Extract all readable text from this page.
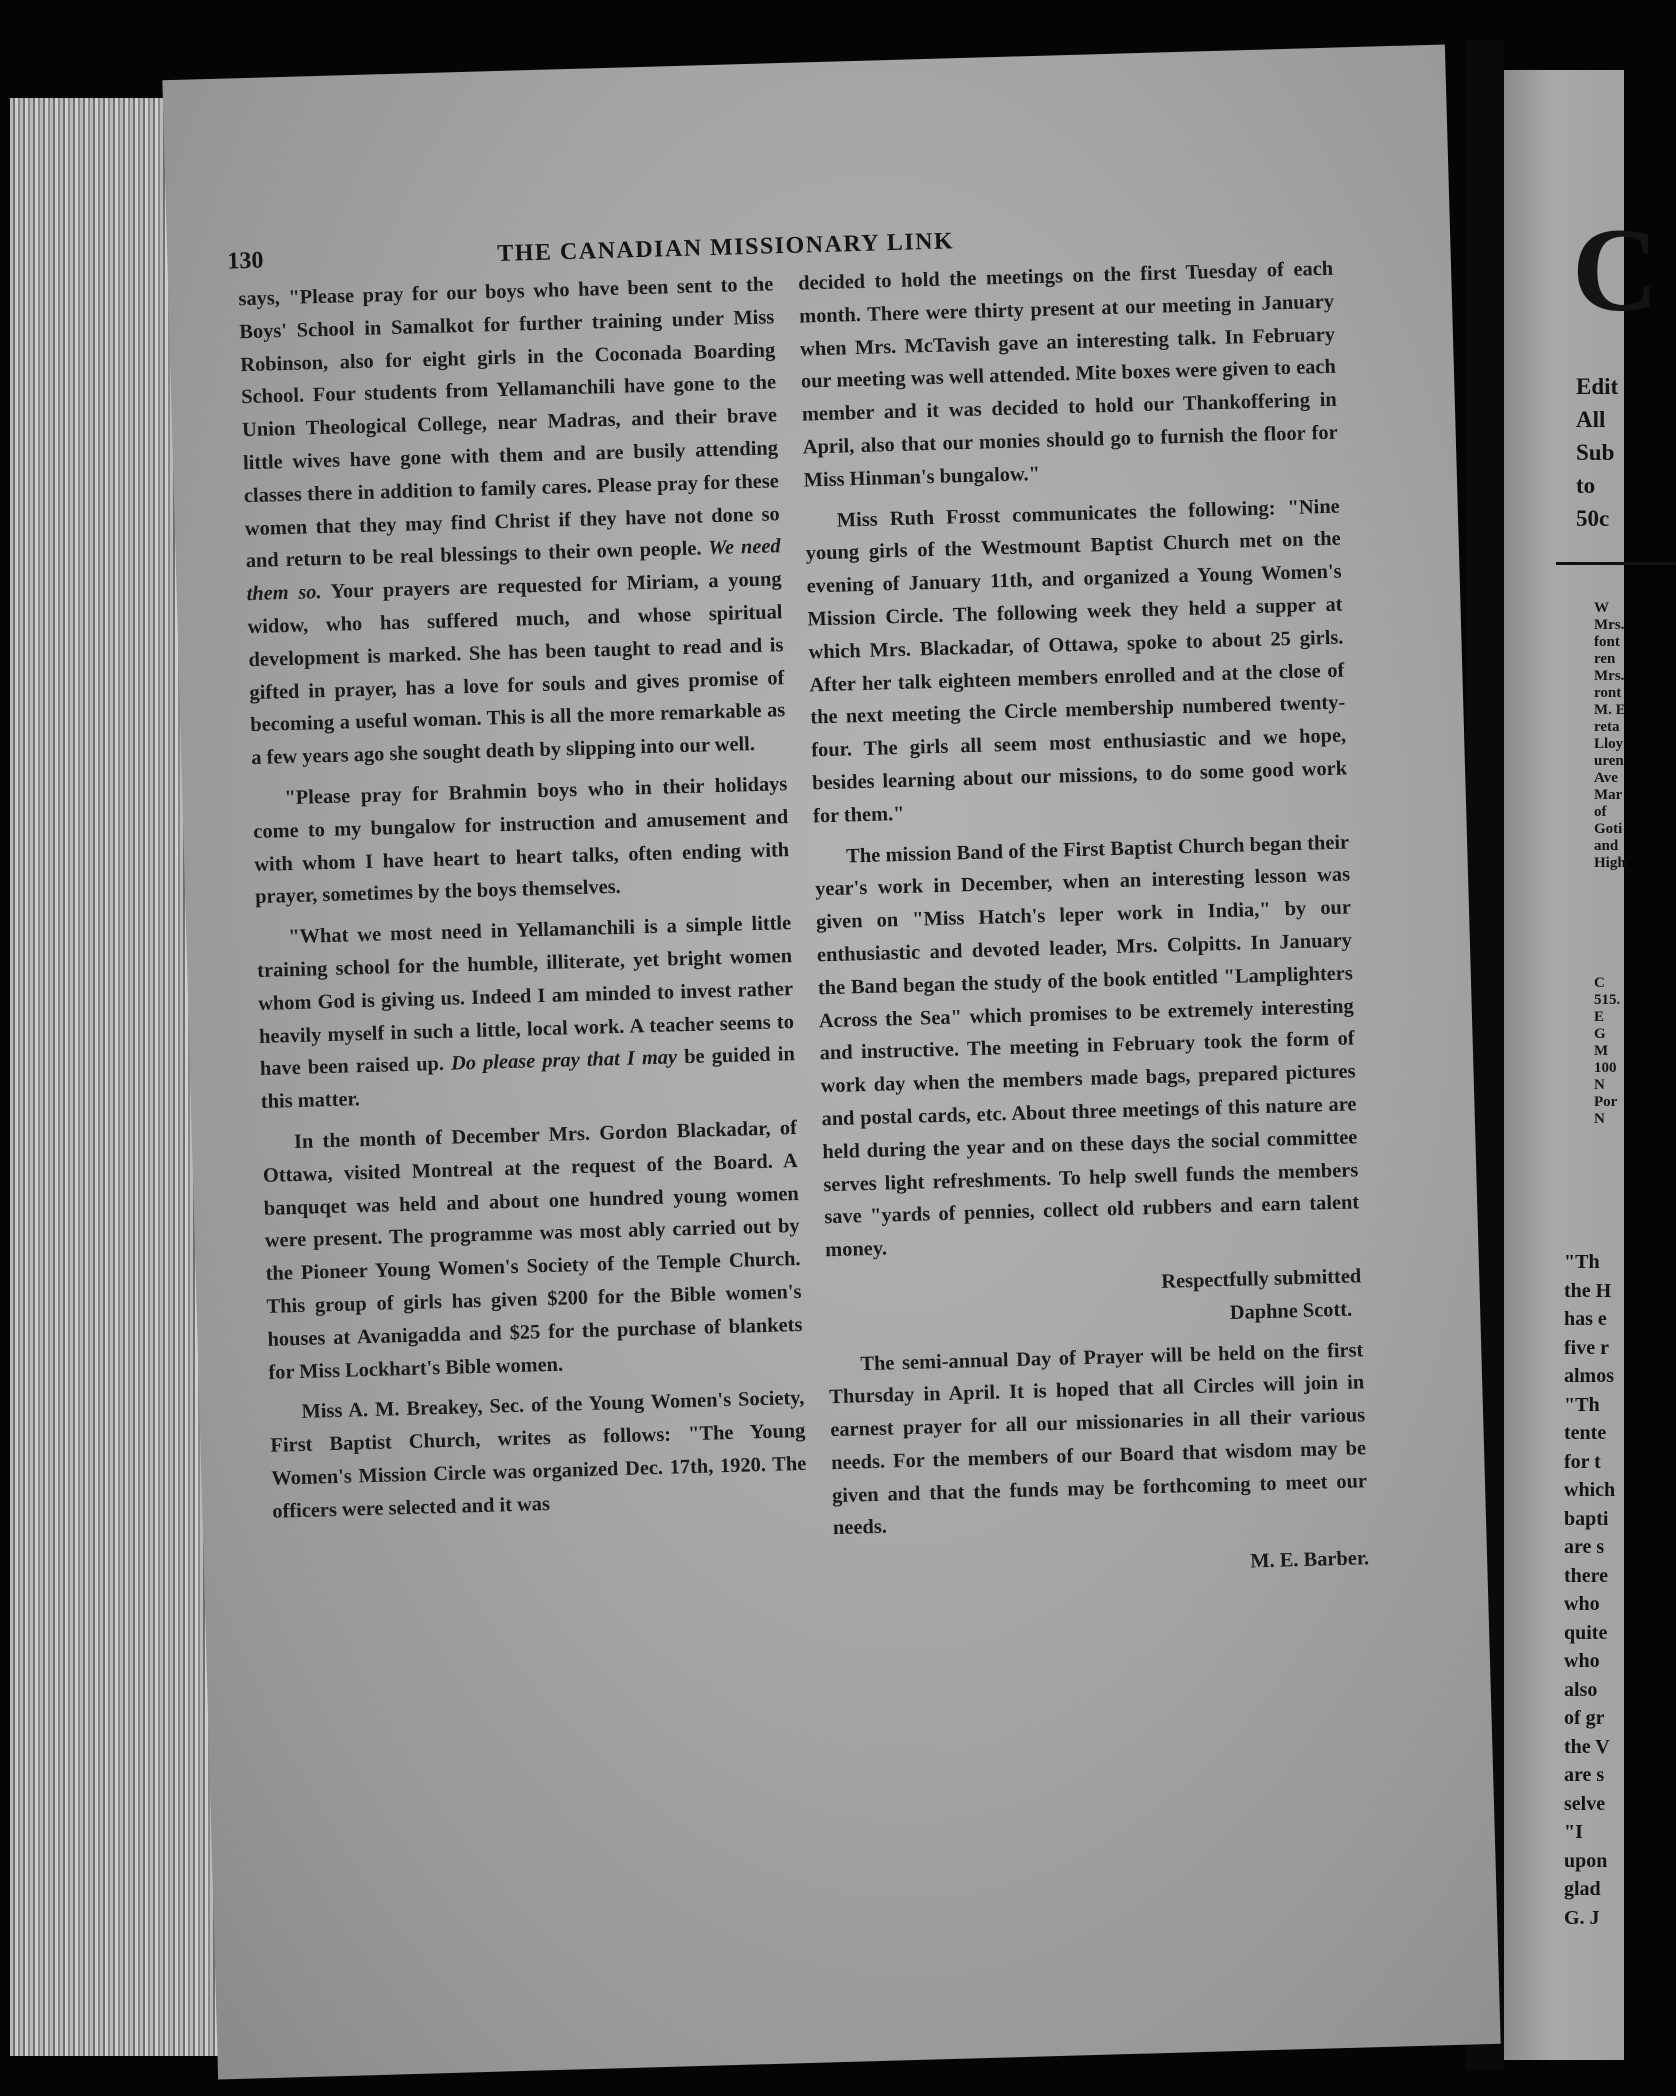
C
Edit
All
Sub
to
50c
W
Mrs.
font
ren
Mrs.
ront
M. E
reta
Lloy
uren
Ave
Mar
of
Goti
and
High
C
515.
E
G
M
100
N
Por
N
"Th
the H
has e
five r
almos
"Th
tente
for t
which
bapti
are s
there
who
quite
who
also
of gr
the V
are s
selve
"I
upon
glad
G. J
130	THE CANADIAN MISSIONARY LINK

says, "Please pray for our boys who have been sent to the Boys' School in Samalkot for further training under Miss Robinson, also for eight girls in the Coconada Boarding School. Four students from Yellamanchili have gone to the Union Theological College, near Madras, and their brave little wives have gone with them and are busily attending classes there in addition to family cares. Please pray for these women that they may find Christ if they have not done so and return to be real blessings to their own people. We need them so. Your prayers are requested for Miriam, a young widow, who has suffered much, and whose spiritual development is marked. She has been taught to read and is gifted in prayer, has a love for souls and gives promise of becoming a useful woman. This is all the more remarkable as a few years ago she sought death by slipping into our well.

"Please pray for Brahmin boys who in their holidays come to my bungalow for instruction and amusement and with whom I have heart to heart talks, often ending with prayer, sometimes by the boys themselves.

"What we most need in Yellamanchili is a simple little training school for the humble, illiterate, yet bright women whom God is giving us. Indeed I am minded to invest rather heavily myself in such a little, local work. A teacher seems to have been raised up. Do please pray that I may be guided in this matter.

In the month of December Mrs. Gordon Blackadar, of Ottawa, visited Montreal at the request of the Board. A banquqet was held and about one hundred young women were present. The programme was most ably carried out by the Pioneer Young Women's Society of the Temple Church. This group of girls has given $200 for the Bible women's houses at Avanigadda and $25 for the purchase of blankets for Miss Lockhart's Bible women.

Miss A. M. Breakey, Sec. of the Young Women's Society, First Baptist Church, writes as follows: "The Young Women's Mission Circle was organized Dec. 17th, 1920. The officers were selected and it was

decided to hold the meetings on the first Tuesday of each month. There were thirty present at our meeting in January when Mrs. McTavish gave an interesting talk. In February our meeting was well attended. Mite boxes were given to each member and it was decided to hold our Thankoffering in April, also that our monies should go to furnish the floor for Miss Hinman's bungalow."

Miss Ruth Frosst communicates the following: "Nine young girls of the Westmount Baptist Church met on the evening of January 11th, and organized a Young Women's Mission Circle. The following week they held a supper at which Mrs. Blackadar, of Ottawa, spoke to about 25 girls. After her talk eighteen members enrolled and at the close of the next meeting the Circle membership numbered twenty-four. The girls all seem most enthusiastic and we hope, besides learning about our missions, to do some good work for them."

The mission Band of the First Baptist Church began their year's work in December, when an interesting lesson was given on "Miss Hatch's leper work in India," by our enthusiastic and devoted leader, Mrs. Colpitts. In January the Band began the study of the book entitled "Lamplighters Across the Sea" which promises to be extremely interesting and instructive. The meeting in February took the form of work day when the members made bags, prepared pictures and postal cards, etc. About three meetings of this nature are held during the year and on these days the social committee serves light refreshments. To help swell funds the members save "yards of pennies, collect old rubbers and earn talent money.

Respectfully submitted
Daphne Scott.

The semi-annual Day of Prayer will be held on the first Thursday in April. It is hoped that all Circles will join in earnest prayer for all our missionaries in all their various needs. For the members of our Board that wisdom may be given and that the funds may be forthcoming to meet our needs.

M. E. Barber.
